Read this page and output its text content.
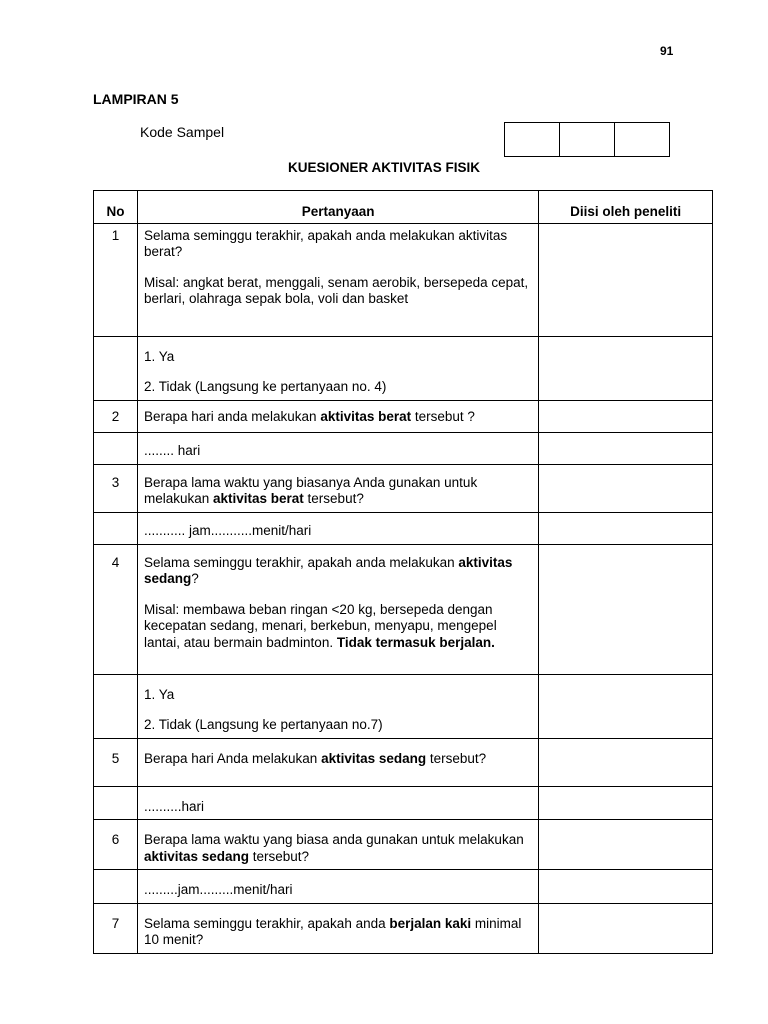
91
LAMPIRAN 5
Kode Sampel
KUESIONER AKTIVITAS FISIK
No	Pertanyaan	Diisi oleh peneliti
1	Selama seminggu terakhir, apakah anda melakukan aktivitas berat?
Misal: angkat berat, menggali, senam aerobik, bersepeda cepat, berlari, olahraga sepak bola, voli dan basket	

	1. Ya
2. Tidak (Langsung ke pertanyaan no. 4)	

2	Berapa hari anda melakukan aktivitas berat tersebut ?	
	........ hari	
3	Berapa lama waktu yang biasanya Anda gunakan untuk melakukan aktivitas berat tersebut?	
	........... jam...........menit/hari	
4	Selama seminggu terakhir, apakah anda melakukan aktivitas sedang?
Misal: membawa beban ringan <20 kg, bersepeda dengan kecepatan sedang, menari, berkebun, menyapu, mengepel lantai, atau bermain badminton. Tidak termasuk berjalan.	

	1. Ya
2. Tidak (Langsung ke pertanyaan no.7)	

5	Berapa hari Anda melakukan aktivitas sedang tersebut?	
	..........hari	
6	Berapa lama waktu yang biasa anda gunakan untuk melakukan aktivitas sedang tersebut?	
	.........jam.........menit/hari	
7	Selama seminggu terakhir, apakah anda berjalan kaki minimal 10 menit?	
